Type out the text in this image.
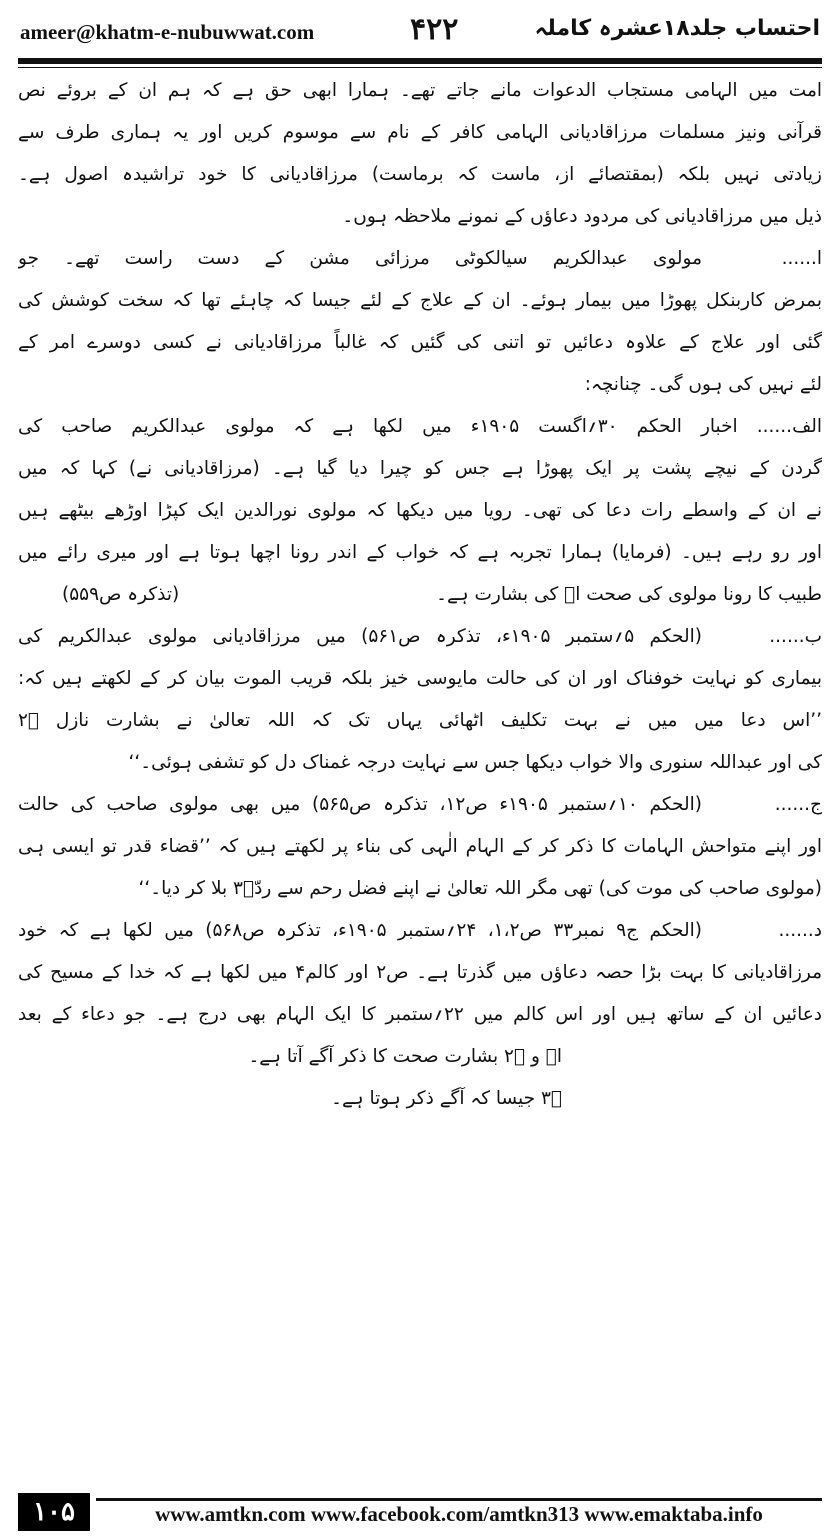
ameer@khatm-e-nubuwwat.com	۴۲۲	احتساب جلد۱۸عشرہ کاملہ
امت میں الہامی مستجاب الدعوات مانے جاتے تھے۔ ہمارا ابھی حق ہے کہ ہم ان کے بروئے نص
قرآنی ونیز مسلمات مرزاقادیانی الہامی کافر کے نام سے موسوم کریں اور یہ ہماری طرف سے
زیادتی نہیں بلکہ (بمقتصائے از، ماست کہ برماست) مرزاقادیانی کا خود تراشیدہ اصول ہے۔
ذیل میں مرزاقادیانی کی مردود دعاؤں کے نمونے ملاحظہ ہوں۔
ا......مولوی عبدالکریم سیالکوٹی مرزائی مشن کے دست راست تھے۔ جو
بمرض کاربنکل پھوڑا میں بیمار ہوئے۔ ان کے علاج کے لئے جیسا کہ چاہئے تھا کہ سخت کوشش کی
گئی اور علاج کے علاوہ دعائیں تو اتنی کی گئیں کہ غالباً مرزاقادیانی نے کسی دوسرے امر کے
لئے نہیں کی ہوں گی۔ چنانچہ:
الف...... اخبار الحکم ۳۰؍اگست ۱۹۰۵ء میں لکھا ہے کہ مولوی عبدالکریم صاحب کی
گردن کے نیچے پشت پر ایک پھوڑا ہے جس کو چیرا دیا گیا ہے۔ (مرزاقادیانی نے) کہا کہ میں
نے ان کے واسطے رات دعا کی تھی۔ رویا میں دیکھا کہ مولوی نورالدین ایک کپڑا اوڑھے بیٹھے ہیں
اور رو رہے ہیں۔ (فرمایا) ہمارا تجربہ ہے کہ خواب کے اندر رونا اچھا ہوتا ہے اور میری رائے میں
طبیب کا رونا مولوی کی صحت اؔ کی بشارت ہے۔
(تذکرہ ص۵۵۹)
ب......(الحکم ۵؍ستمبر ۱۹۰۵ء، تذکرہ ص۵۶۱) میں مرزاقادیانی مولوی عبدالکریم کی
بیماری کو نہایت خوفناک اور ان کی حالت مایوسی خیز بلکہ قریب الموت بیان کر کے لکھتے ہیں کہ:
’’اس دعا میں میں نے بہت تکلیف اٹھائی یہاں تک کہ اللہ تعالیٰ نے بشارت نازل ۲ؔ
کی اور عبداللہ سنوری والا خواب دیکھا جس سے نہایت درجہ غمناک دل کو تشفی ہوئی۔‘‘
ج......(الحکم ۱۰؍ستمبر ۱۹۰۵ء ص۱۲، تذکرہ ص۵۶۵) میں بھی مولوی صاحب کی حالت
اور اپنے متواحش الہامات کا ذکر کر کے الہام الٰہی کی بناء پر لکھتے ہیں کہ ’’قضاء قدر تو ایسی ہی
(مولوی صاحب کی موت کی) تھی مگر اللہ تعالیٰ نے اپنے فضل رحم سے ردّ۳ؔ بلا کر دیا۔‘‘
د......(الحکم ج۹ نمبر۳۳ ص۱،۲، ۲۴؍ستمبر ۱۹۰۵ء، تذکرہ ص۵۶۸) میں لکھا ہے کہ خود
مرزاقادیانی کا بہت بڑا حصہ دعاؤں میں گذرتا ہے۔ ص۲ اور کالم۴ میں لکھا ہے کہ خدا کے مسیح کی
دعائیں ان کے ساتھ ہیں اور اس کالم میں ۲۲؍ستمبر کا ایک الہام بھی درج ہے۔ جو دعاء کے بعد
اؔ و ۲ؔ بشارت صحت کا ذکر آگے آتا ہے۔
۳ؔ جیسا کہ آگے ذکر ہوتا ہے۔
۱۰۵	www.amtkn.com www.facebook.com/amtkn313 www.emaktaba.info
